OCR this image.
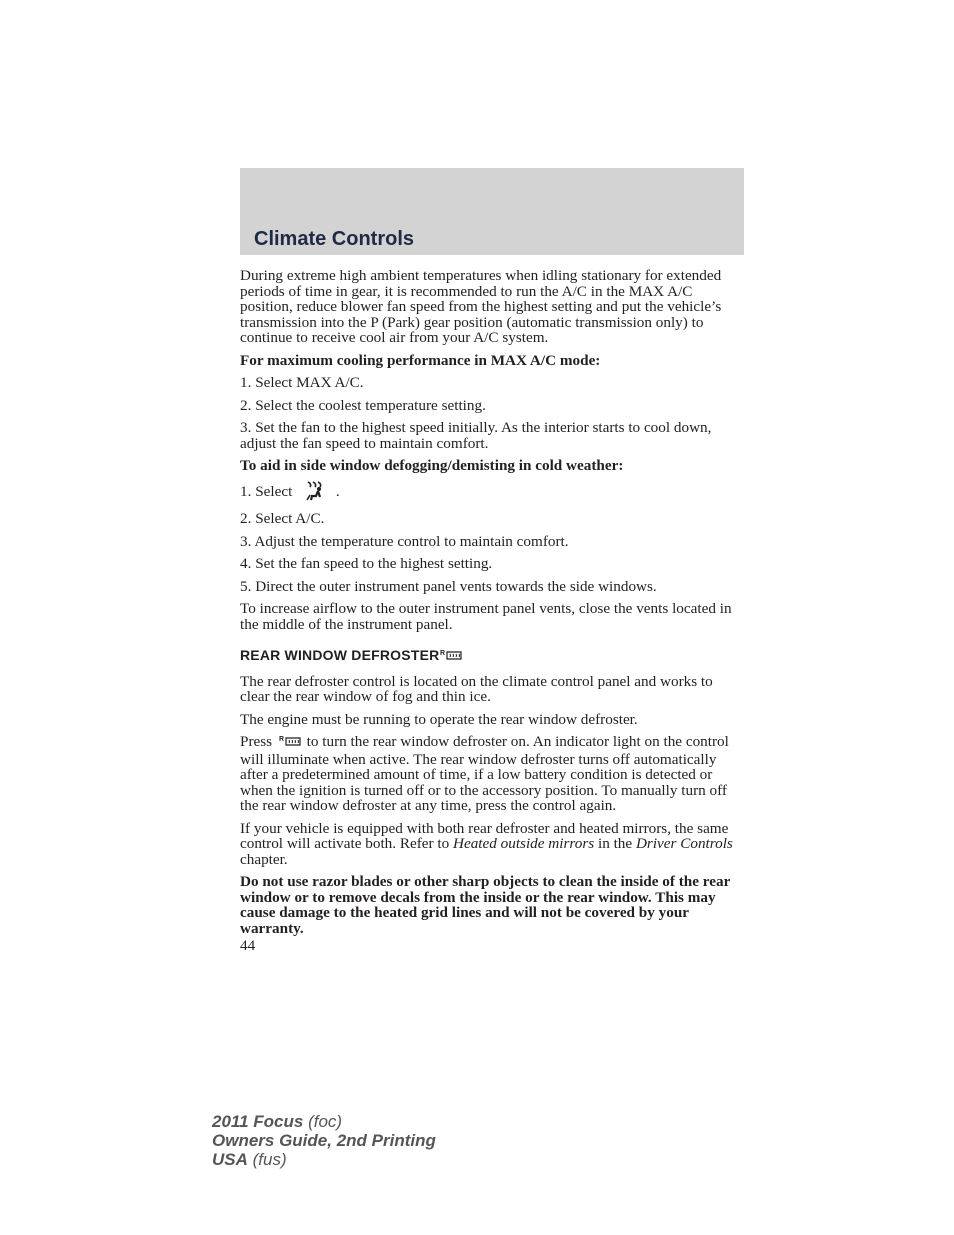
Climate Controls

During extreme high ambient temperatures when idling stationary for extended periods of time in gear, it is recommended to run the A/C in the MAX A/C position, reduce blower fan speed from the highest setting and put the vehicle’s transmission into the P (Park) gear position (automatic transmission only) to continue to receive cool air from your A/C system.

For maximum cooling performance in MAX A/C mode:

1. Select MAX A/C.

2. Select the coolest temperature setting.

3. Set the fan to the highest speed initially. As the interior starts to cool down, adjust the fan speed to maintain comfort.

To aid in side window defogging/demisting in cold weather:

1. Select	.

2. Select A/C.

3. Adjust the temperature control to maintain comfort.

4. Set the fan speed to the highest setting.

5. Direct the outer instrument panel vents towards the side windows.

To increase airflow to the outer instrument panel vents, close the vents located in the middle of the instrument panel.

REAR WINDOW DEFROSTER R

The rear defroster control is located on the climate control panel and works to clear the rear window of fog and thin ice.

The engine must be running to operate the rear window defroster.

Press R to turn the rear window defroster on. An indicator light on the control will illuminate when active. The rear window defroster turns off automatically after a predetermined amount of time, if a low battery condition is detected or when the ignition is turned off or to the accessory position. To manually turn off the rear window defroster at any time, press the control again.

If your vehicle is equipped with both rear defroster and heated mirrors, the same control will activate both. Refer to Heated outside mirrors in the Driver Controls chapter.

Do not use razor blades or other sharp objects to clean the inside of the rear window or to remove decals from the inside or the rear window. This may cause damage to the heated grid lines and will not be covered by your warranty.

44

2011 Focus (foc)
Owners Guide, 2nd Printing
USA (fus)
